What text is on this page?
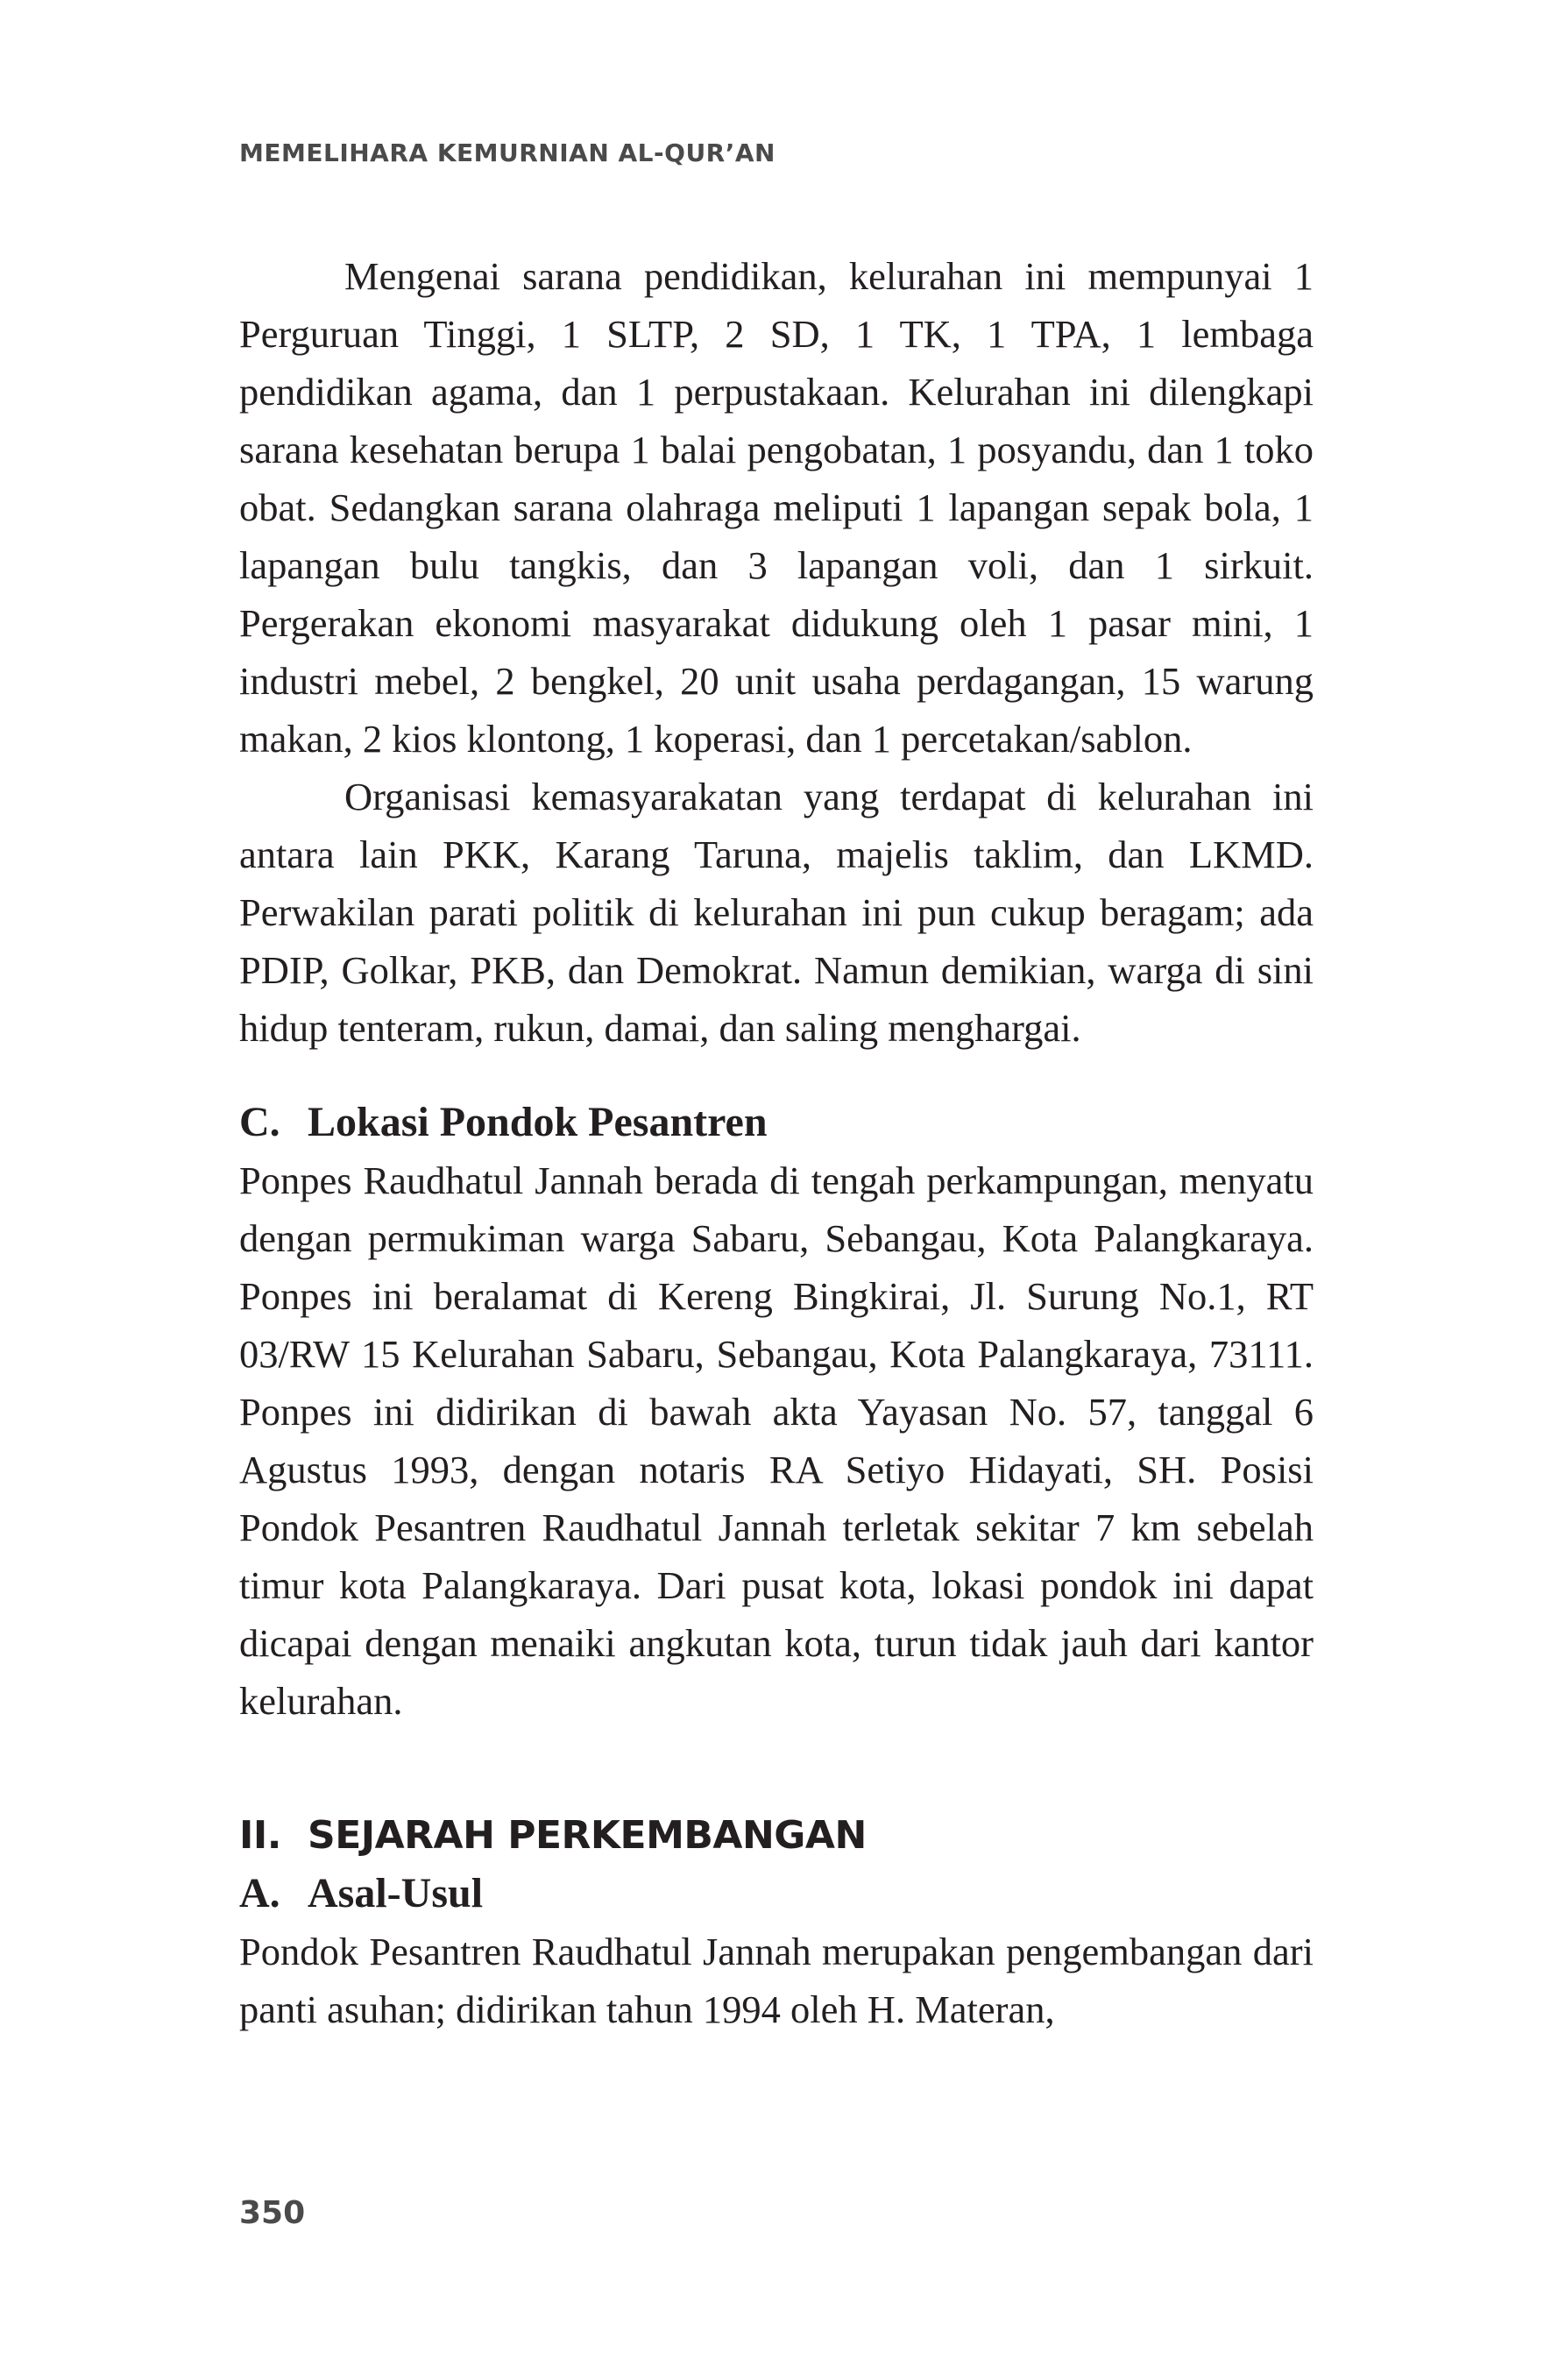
MEMELIHARA KEMURNIAN AL-QUR’AN

Mengenai sarana pendidikan, kelurahan ini mempunyai 1 Perguruan Tinggi, 1 SLTP, 2 SD, 1 TK, 1 TPA, 1 lembaga pendidikan agama, dan 1 perpustakaan. Kelurahan ini dilengkapi sarana kesehatan berupa 1 balai pengobatan, 1 posyandu, dan 1 toko obat. Sedangkan sarana olahraga meliputi 1 lapangan sepak bola, 1 lapangan bulu tangkis, dan 3 lapangan voli, dan 1 sirkuit. Pergerakan ekonomi masyarakat didukung oleh 1 pasar mini, 1 industri mebel, 2 bengkel, 20 unit usaha perdagangan, 15 warung makan, 2 kios klontong, 1 koperasi, dan 1 percetakan/sablon.

Organisasi kemasyarakatan yang terdapat di kelurahan ini antara lain PKK, Karang Taruna, majelis taklim, dan LKMD. Perwakilan parati politik di kelurahan ini pun cukup beragam; ada PDIP, Golkar, PKB, dan Demokrat. Namun demikian, warga di sini hidup tenteram, rukun, damai, dan saling menghargai.

C. Lokasi Pondok Pesantren

Ponpes Raudhatul Jannah berada di tengah perkampungan, menyatu dengan permukiman warga Sabaru, Sebangau, Kota Palangkaraya. Ponpes ini beralamat di Kereng Bingkirai, Jl. Surung No.1, RT 03/RW 15 Kelurahan Sabaru, Sebangau, Kota Palangkaraya, 73111. Ponpes ini didirikan di bawah akta Yayasan No. 57, tanggal 6 Agustus 1993, dengan notaris RA Setiyo Hidayati, SH. Posisi Pondok Pesantren Raudhatul Jannah terletak sekitar 7 km sebelah timur kota Palangkaraya. Dari pusat kota, lokasi pondok ini dapat dicapai dengan menaiki angkutan kota, turun tidak jauh dari kantor kelurahan.

II. SEJARAH PERKEMBANGAN
A. Asal-Usul

Pondok Pesantren Raudhatul Jannah merupakan pengembangan dari panti asuhan; didirikan tahun 1994 oleh H. Materan,

350
